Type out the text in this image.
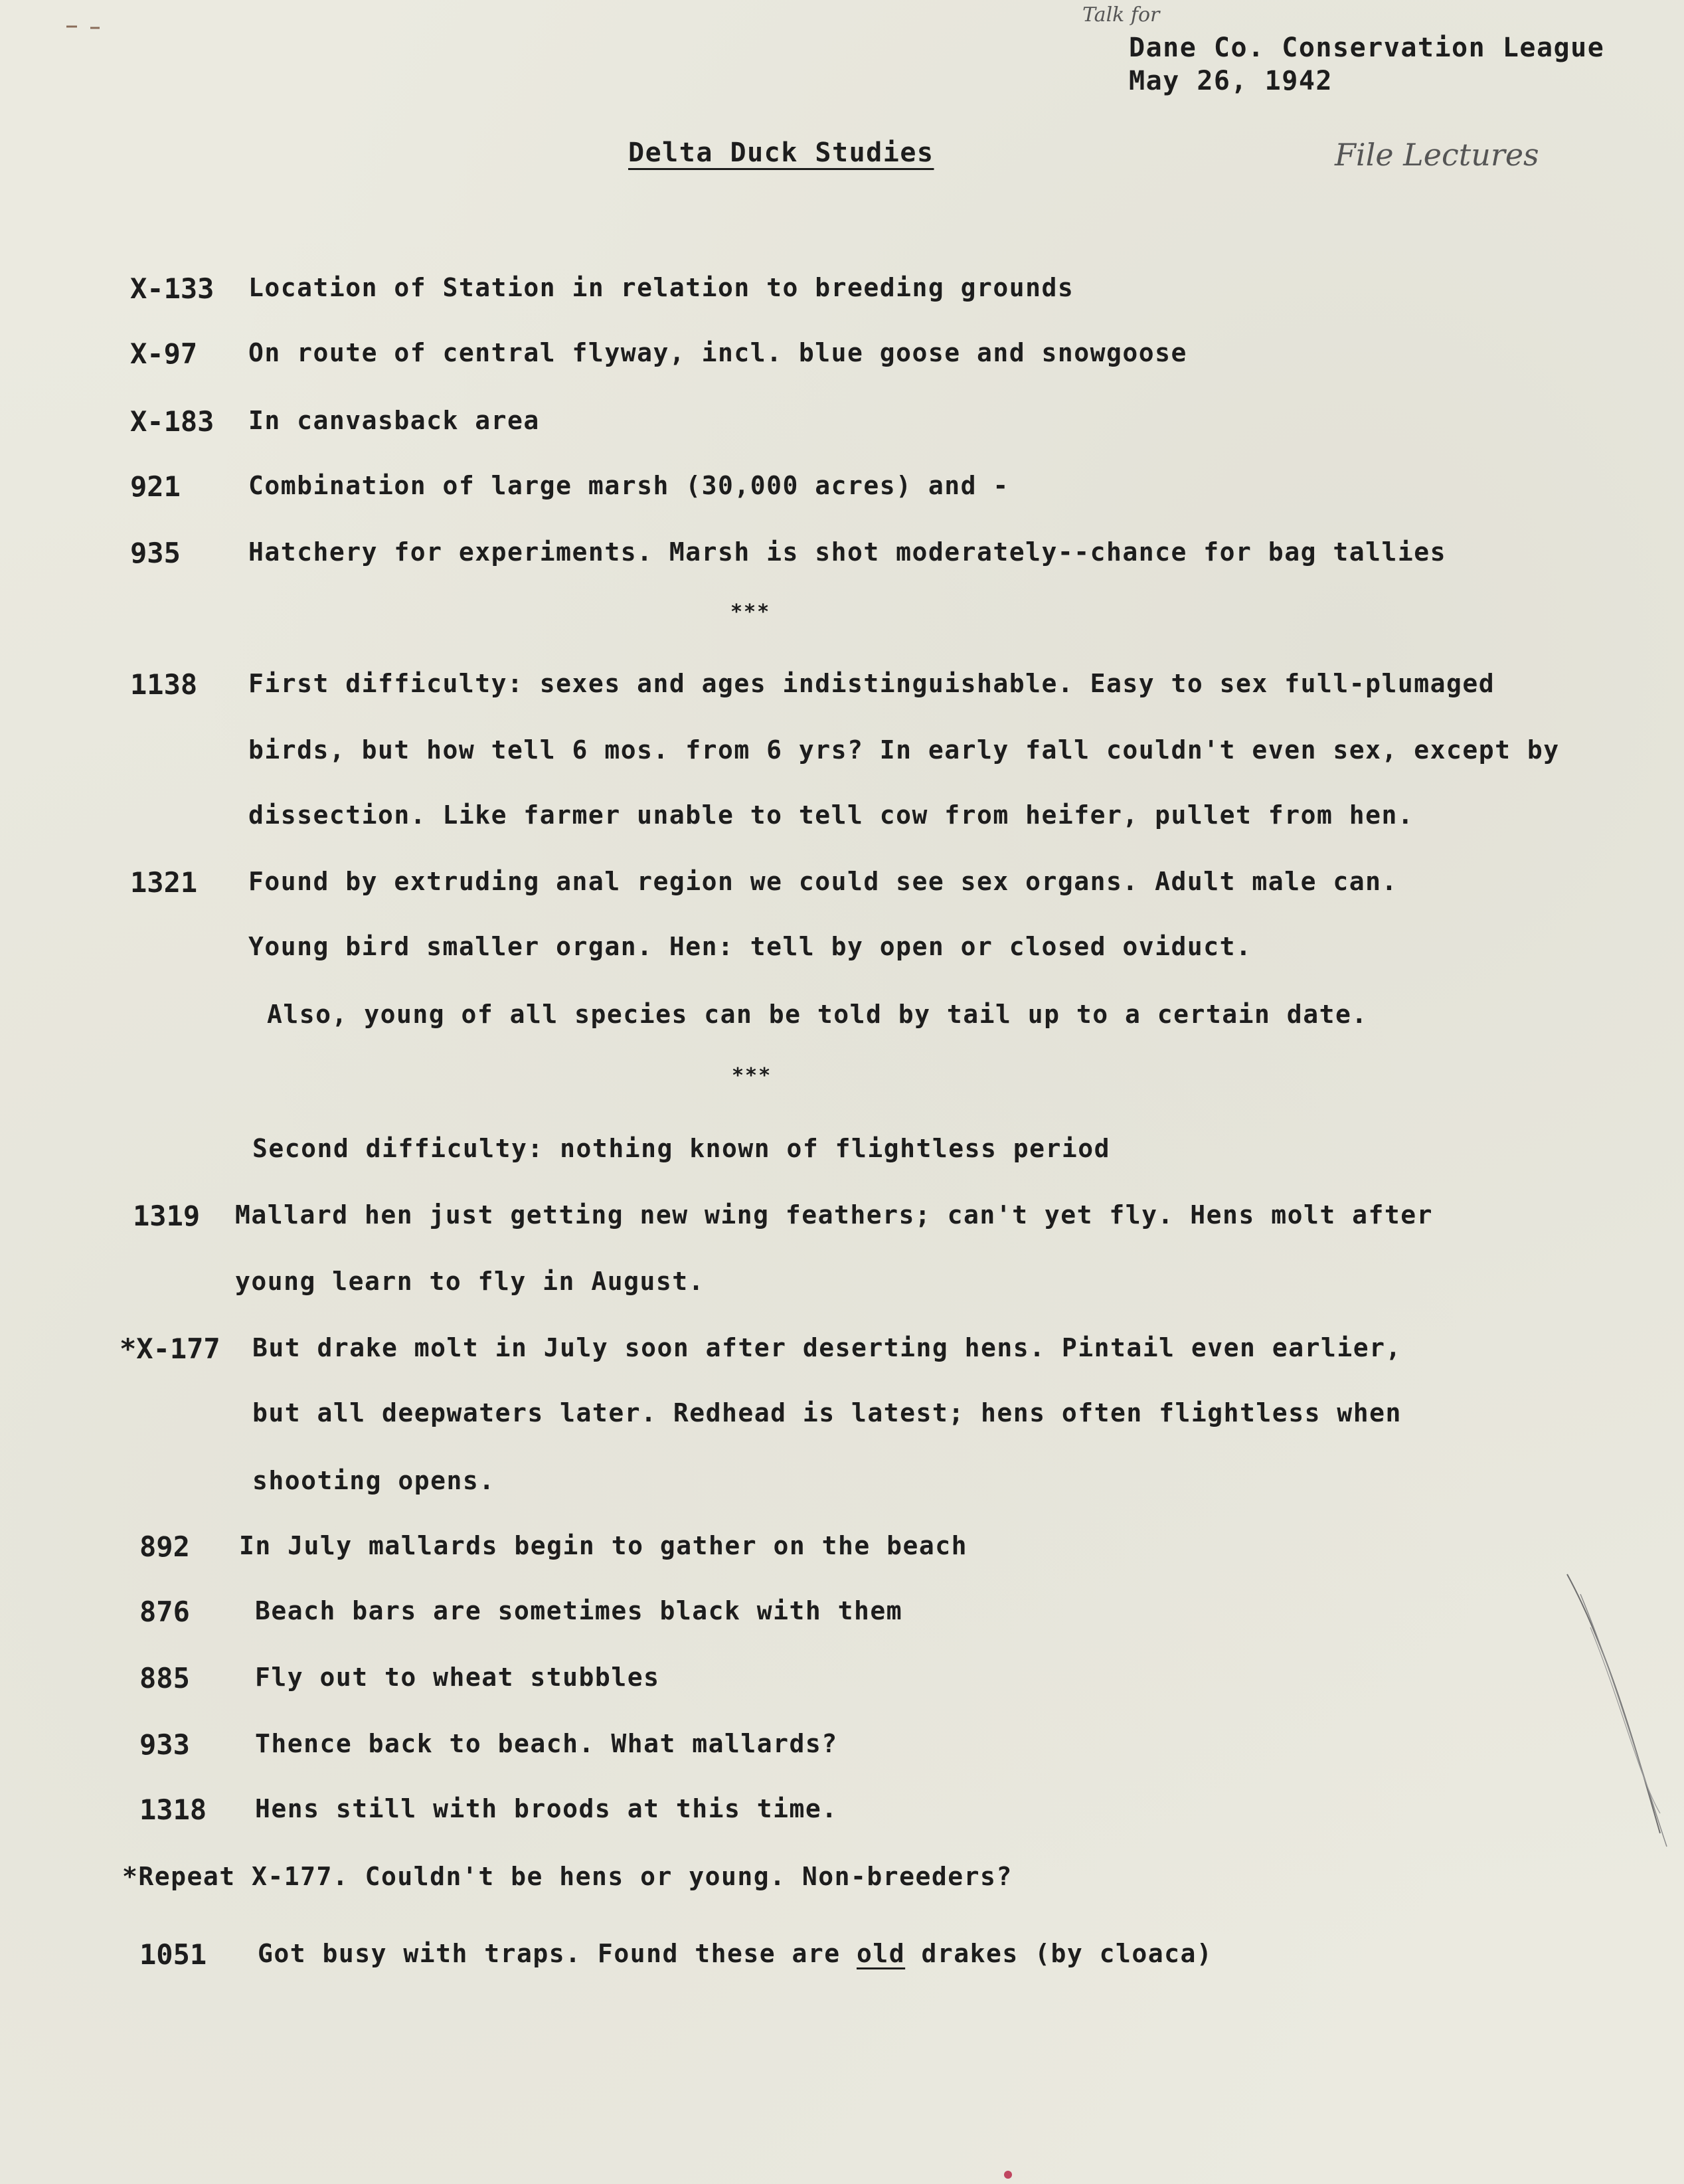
Talk for
Dane Co. Conservation League
May 26, 1942
Delta Duck Studies	File Lectures
X-133 Location of Station in relation to breeding grounds
X-97 On route of central flyway, incl. blue goose and snowgoose
X-183 In canvasback area
921	Combination of large marsh (30,000 acres) and -
935	Hatchery for experiments. Marsh is shot moderately--chance for bag tallies
***
1138 First difficulty: sexes and ages indistinguishable. Easy to sex full-plumaged
birds, but how tell 6 mos. from 6 yrs? In early fall couldn't even sex, except by
dissection. Like farmer unable to tell cow from heifer, pullet from hen.
1321 Found by extruding anal region we could see sex organs. Adult male can.
Young bird smaller organ. Hen: tell by open or closed oviduct.
Also, young of all species can be told by tail up to a certain date.
***
Second difficulty: nothing known of flightless period
1319 Mallard hen just getting new wing feathers; can't yet fly. Hens molt after
young learn to fly in August.
*X-177 But drake molt in July soon after deserting hens. Pintail even earlier,
but all deepwaters later. Redhead is latest; hens often flightless when
shooting opens.
892 In July mallards begin to gather on the beach
876	Beach bars are sometimes black with them
885	Fly out to wheat stubbles
933	Thence back to beach. What mallards?
1318 Hens still with broods at this time.
*Repeat X-177. Couldn't be hens or young. Non-breeders?
1051 Got busy with traps. Found these are old drakes (by cloaca)
